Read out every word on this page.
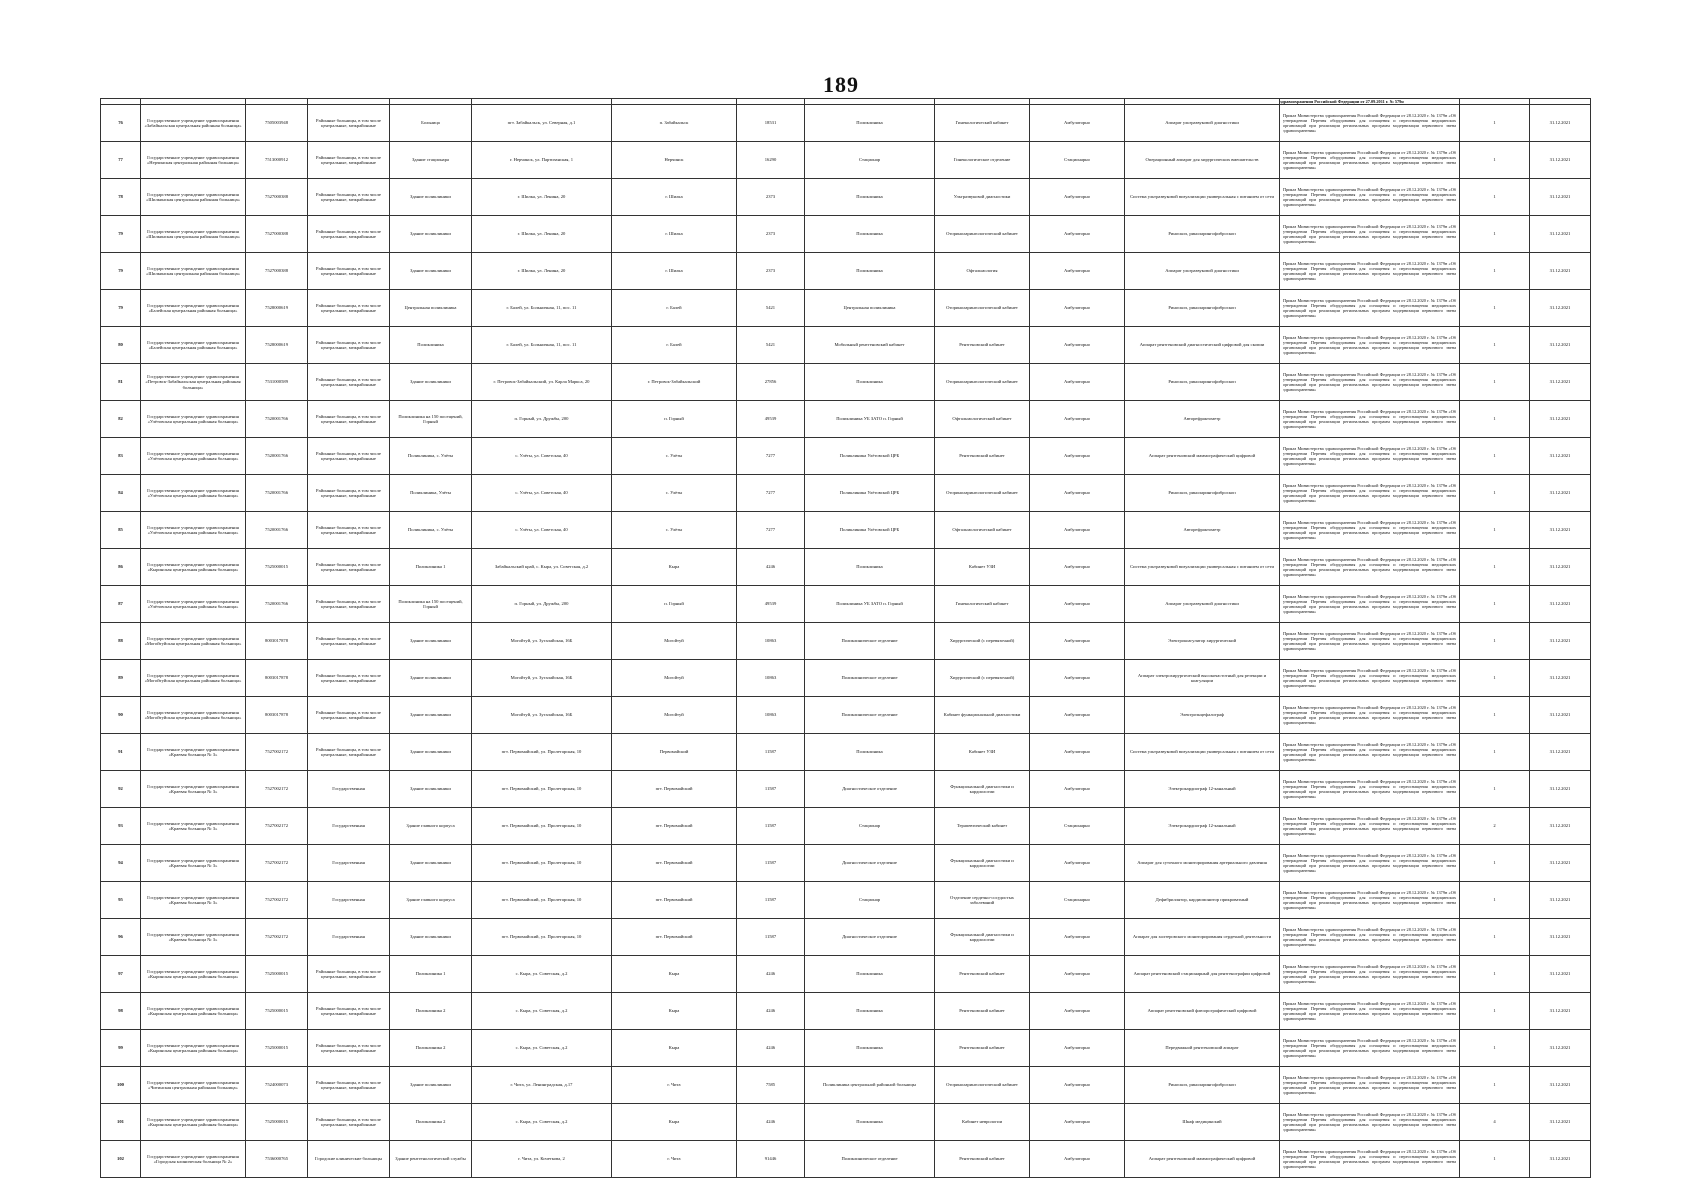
189
												здравоохранения Российской Федерации от 27.09.2011 г. № 579н		
76	Государственное учреждение здравоохранения «Забайкальская центральная районная больница»	7505003948	Районные больницы, в том числе центральные, межрайонные	Больница	пгт. Забайкальск, ул. Северная, д.1	п. Забайкальск	18531	Поликлиника	Гинекологический кабинет	Амбулаторно	Аппарат ультразвуковой диагностики	Приказ Министерства здравоохранения Российской Федерации от 28.12.2020 г. № 1379н «Об утверждении Перечня оборудования для оснащения и переоснащения медицинских организаций при реализации региональных программ модернизации первичного звена здравоохранения»	1	31.12.2021
77	Государственное учреждение здравоохранения «Нерчинская центральная районная больница»	7513000912	Районные больницы, в том числе центральные, межрайонные	Здание стационара	г. Нерчинск, ул. Партизанская, 1	Нерчинск	16290	Стационар	Гинекологическое отделение	Стационарно	Операционный аппарат для хирургических вмешательств	Приказ Министерства здравоохранения Российской Федерации от 28.12.2020 г. № 1379н «Об утверждении Перечня оборудования для оснащения и переоснащения медицинских организаций при реализации региональных программ модернизации первичного звена здравоохранения»	1	31.12.2021
78	Государственное учреждение здравоохранения «Шилкинская центральная районная больница»	7527000388	Районные больницы, в том числе центральные, межрайонные	Здание поликлиники	г. Шилка, ул. Ленина, 20	г. Шилка	2373	Поликлиника	Ультразвуковой диагностики	Амбулаторно	Система ультразвуковой визуализации универсальная с питанием от сети	Приказ Министерства здравоохранения Российской Федерации от 28.12.2020 г. № 1379н «Об утверждении Перечня оборудования для оснащения и переоснащения медицинских организаций при реализации региональных программ модернизации первичного звена здравоохранения»	1	31.12.2021
79	Государственное учреждение здравоохранения «Шилкинская центральная районная больница»	7527000388	Районные больницы, в том числе центральные, межрайонные	Здание поликлиники	г. Шилка, ул. Ленина, 20	г. Шилка	2373	Поликлиника	Оториноларингологический кабинет	Амбулаторно	Риноскоп, риноларингофиброскоп	Приказ Министерства здравоохранения Российской Федерации от 28.12.2020 г. № 1379н «Об утверждении Перечня оборудования для оснащения и переоснащения медицинских организаций при реализации региональных программ модернизации первичного звена здравоохранения»	1	31.12.2021
79	Государственное учреждение здравоохранения «Шилкинская центральная районная больница»	7527000388	Районные больницы, в том числе центральные, межрайонные	Здание поликлиники	г. Шилка, ул. Ленина, 20	г. Шилка	2373	Поликлиника	Офтальмология	Амбулаторно	Аппарат ультразвуковой диагностики	Приказ Министерства здравоохранения Российской Федерации от 28.12.2020 г. № 1379н «Об утверждении Перечня оборудования для оснащения и переоснащения медицинских организаций при реализации региональных программ модернизации первичного звена здравоохранения»	1	31.12.2021
79	Государственное учреждение здравоохранения «Балейская центральная районная больница»	7528000619	Районные больницы, в том числе центральные, межрайонные	Центральная поликлиника	г. Балей, ул. Больничная, 11, пос. 11	г. Балей	5421	Центральная поликлиника	Оториноларингологический кабинет	Амбулаторно	Риноскоп, риноларингофиброскоп	Приказ Министерства здравоохранения Российской Федерации от 28.12.2020 г. № 1379н «Об утверждении Перечня оборудования для оснащения и переоснащения медицинских организаций при реализации региональных программ модернизации первичного звена здравоохранения»	1	31.12.2021
80	Государственное учреждение здравоохранения «Балейская центральная районная больница»	7528000619	Районные больницы, в том числе центральные, межрайонные	Поликлиника	г. Балей, ул. Больничная, 11, пос. 11	г. Балей	5421	Мобильный рентгеновский кабинет	Рентгеновский кабинет	Амбулаторно	Аппарат рентгеновский диагностический цифровой для скопии	Приказ Министерства здравоохранения Российской Федерации от 28.12.2020 г. № 1379н «Об утверждении Перечня оборудования для оснащения и переоснащения медицинских организаций при реализации региональных программ модернизации первичного звена здравоохранения»	1	31.12.2021
81	Государственное учреждение здравоохранения «Петровск-Забайкальская центральная районная больница»	7531000589	Районные больницы, в том числе центральные, межрайонные	Здание поликлиники	г. Петровск-Забайкальский, ул. Карла Маркса, 20	г. Петровск-Забайкальский	27856	Поликлиника	Оториноларингологический кабинет	Амбулаторно	Риноскоп, риноларингофиброскоп	Приказ Министерства здравоохранения Российской Федерации от 28.12.2020 г. № 1379н «Об утверждении Перечня оборудования для оснащения и переоснащения медицинских организаций при реализации региональных программ модернизации первичного звена здравоохранения»	1	31.12.2021
82	Государственное учреждение здравоохранения «Улётовская центральная районная больница»	7520001766	Районные больницы, в том числе центральные, межрайонные	Поликлиника на 150 посещений, Горный	п. Горный, ул. Дружбы, 200	п. Горный	49539	Поликлиника УБ ЗАТО п. Горный	Офтальмологический кабинет	Амбулаторно	Авторефрактометр	Приказ Министерства здравоохранения Российской Федерации от 28.12.2020 г. № 1379н «Об утверждении Перечня оборудования для оснащения и переоснащения медицинских организаций при реализации региональных программ модернизации первичного звена здравоохранения»	1	31.12.2021
83	Государственное учреждение здравоохранения «Улётовская центральная районная больница»	7520001766	Районные больницы, в том числе центральные, межрайонные	Поликлиника, с. Улёты	с. Улёты, ул. Советская, 40	с. Улёты	7277	Поликлиника Улётовской ЦРБ	Рентгеновский кабинет	Амбулаторно	Аппарат рентгеновский маммографический цифровой	Приказ Министерства здравоохранения Российской Федерации от 28.12.2020 г. № 1379н «Об утверждении Перечня оборудования для оснащения и переоснащения медицинских организаций при реализации региональных программ модернизации первичного звена здравоохранения»	1	31.12.2021
84	Государственное учреждение здравоохранения «Улётовская центральная районная больница»	7520001766	Районные больницы, в том числе центральные, межрайонные	Поликлиника, Улёты	с. Улёты, ул. Советская, 40	с. Улёты	7277	Поликлиника Улётовской ЦРБ	Оториноларингологический кабинет	Амбулаторно	Риноскоп, риноларингофиброскоп	Приказ Министерства здравоохранения Российской Федерации от 28.12.2020 г. № 1379н «Об утверждении Перечня оборудования для оснащения и переоснащения медицинских организаций при реализации региональных программ модернизации первичного звена здравоохранения»	1	31.12.2021
85	Государственное учреждение здравоохранения «Улётовская центральная районная больница»	7520001766	Районные больницы, в том числе центральные, межрайонные	Поликлиника, с. Улёты	с. Улёты, ул. Советская, 40	с. Улёты	7277	Поликлиника Улётовской ЦРБ	Офтальмологический кабинет	Амбулаторно	Авторефрактометр	Приказ Министерства здравоохранения Российской Федерации от 28.12.2020 г. № 1379н «Об утверждении Перечня оборудования для оснащения и переоснащения медицинских организаций при реализации региональных программ модернизации первичного звена здравоохранения»	1	31.12.2021
86	Государственное учреждение здравоохранения «Кыринская центральная районная больница»	7525000015	Районные больницы, в том числе центральные, межрайонные	Поликлиника 1	Забайкальский край, с. Кыра, ул. Советская, д.2	Кыра	4246	Поликлиника	Кабинет УЗИ	Амбулаторно	Система ультразвуковой визуализации универсальная с питанием от сети	Приказ Министерства здравоохранения Российской Федерации от 28.12.2020 г. № 1379н «Об утверждении Перечня оборудования для оснащения и переоснащения медицинских организаций при реализации региональных программ модернизации первичного звена здравоохранения»	1	31.12.2021
87	Государственное учреждение здравоохранения «Улётовская центральная районная больница»	7520001766	Районные больницы, в том числе центральные, межрайонные	Поликлиника на 150 посещений, Горный	п. Горный, ул. Дружбы, 200	п. Горный	49539	Поликлиника УБ ЗАТО п. Горный	Гинекологический кабинет	Амбулаторно	Аппарат ультразвуковой диагностики	Приказ Министерства здравоохранения Российской Федерации от 28.12.2020 г. № 1379н «Об утверждении Перечня оборудования для оснащения и переоснащения медицинских организаций при реализации региональных программ модернизации первичного звена здравоохранения»	1	31.12.2021
88	Государственное учреждение здравоохранения «Могойтуйская центральная районная больница»	8003017878	Районные больницы, в том числе центральные, межрайонные	Здание поликлиники	Могойтуй, ул. Зугалайская, 16Б	Могойтуй	10863	Поликлиническое отделение	Хирургический (с перевязочной)	Амбулаторно	Электрокоагулятор хирургический	Приказ Министерства здравоохранения Российской Федерации от 28.12.2020 г. № 1379н «Об утверждении Перечня оборудования для оснащения и переоснащения медицинских организаций при реализации региональных программ модернизации первичного звена здравоохранения»	1	31.12.2021
89	Государственное учреждение здравоохранения «Могойтуйская центральная районная больница»	8003017878	Районные больницы, в том числе центральные, межрайонные	Здание поликлиники	Могойтуй, ул. Зугалайская, 16Б	Могойтуй	10863	Поликлиническое отделение	Хирургический (с перевязочной)	Амбулаторно	Аппарат электрохирургический высокочастотный для резекции и коагуляции	Приказ Министерства здравоохранения Российской Федерации от 28.12.2020 г. № 1379н «Об утверждении Перечня оборудования для оснащения и переоснащения медицинских организаций при реализации региональных программ модернизации первичного звена здравоохранения»	1	31.12.2021
90	Государственное учреждение здравоохранения «Могойтуйская центральная районная больница»	8003017878	Районные больницы, в том числе центральные, межрайонные	Здание поликлиники	Могойтуй, ул. Зугалайская, 16Б	Могойтуй	10863	Поликлиническое отделение	Кабинет функциональной диагностики	Амбулаторно	Электроэнцефалограф	Приказ Министерства здравоохранения Российской Федерации от 28.12.2020 г. № 1379н «Об утверждении Перечня оборудования для оснащения и переоснащения медицинских организаций при реализации региональных программ модернизации первичного звена здравоохранения»	1	31.12.2021
91	Государственное учреждение здравоохранения «Краевая больница № 3»	7527002172	Районные больницы, в том числе центральные, межрайонные	Здание поликлиники	пгт. Первомайский, ул. Пролетарская, 10	Первомайский	11587	Поликлиника	Кабинет УЗИ	Амбулаторно	Система ультразвуковой визуализации универсальная с питанием от сети	Приказ Министерства здравоохранения Российской Федерации от 28.12.2020 г. № 1379н «Об утверждении Перечня оборудования для оснащения и переоснащения медицинских организаций при реализации региональных программ модернизации первичного звена здравоохранения»	1	31.12.2021
92	Государственное учреждение здравоохранения «Краевая больница № 3»	7527002172	Государственная	Здание поликлиники	пгт. Первомайский, ул. Пролетарская, 10	пгт. Первомайский	11587	Диагностическое отделение	Функциональной диагностики и кардиологии	Амбулаторно	Электрокардиограф 12-канальный	Приказ Министерства здравоохранения Российской Федерации от 28.12.2020 г. № 1379н «Об утверждении Перечня оборудования для оснащения и переоснащения медицинских организаций при реализации региональных программ модернизации первичного звена здравоохранения»	1	31.12.2021
93	Государственное учреждение здравоохранения «Краевая больница № 3»	7527002172	Государственная	Здание главного корпуса	пгт. Первомайский, ул. Пролетарская, 10	пгт. Первомайский	11587	Стационар	Терапевтический кабинет	Стационарно	Электрокардиограф 12-канальный	Приказ Министерства здравоохранения Российской Федерации от 28.12.2020 г. № 1379н «Об утверждении Перечня оборудования для оснащения и переоснащения медицинских организаций при реализации региональных программ модернизации первичного звена здравоохранения»	2	31.12.2021
94	Государственное учреждение здравоохранения «Краевая больница № 3»	7527002172	Государственная	Здание поликлиники	пгт. Первомайский, ул. Пролетарская, 10	пгт. Первомайский	11587	Диагностическое отделение	Функциональной диагностики и кардиологии	Амбулаторно	Аппарат для суточного мониторирования артериального давления	Приказ Министерства здравоохранения Российской Федерации от 28.12.2020 г. № 1379н «Об утверждении Перечня оборудования для оснащения и переоснащения медицинских организаций при реализации региональных программ модернизации первичного звена здравоохранения»	1	31.12.2021
95	Государственное учреждение здравоохранения «Краевая больница № 3»	7527002172	Государственная	Здание главного корпуса	пгт. Первомайский, ул. Пролетарская, 10	пгт. Первомайский	11587	Стационар	Отделение сердечно-сосудистых заболеваний	Стационарно	Дефибриллятор, кардиомонитор прикроватный	Приказ Министерства здравоохранения Российской Федерации от 28.12.2020 г. № 1379н «Об утверждении Перечня оборудования для оснащения и переоснащения медицинских организаций при реализации региональных программ модернизации первичного звена здравоохранения»	1	31.12.2021
96	Государственное учреждение здравоохранения «Краевая больница № 3»	7527002172	Государственная	Здание поликлиники	пгт. Первомайский, ул. Пролетарская, 10	пгт. Первомайский	11587	Диагностическое отделение	Функциональной диагностики и кардиологии	Амбулаторно	Аппарат для холтеровского мониторирования сердечной деятельности	Приказ Министерства здравоохранения Российской Федерации от 28.12.2020 г. № 1379н «Об утверждении Перечня оборудования для оснащения и переоснащения медицинских организаций при реализации региональных программ модернизации первичного звена здравоохранения»	1	31.12.2021
97	Государственное учреждение здравоохранения «Кыринская центральная районная больница»	7525000015	Районные больницы, в том числе центральные, межрайонные	Поликлиника 1	с. Кыра, ул. Советская, д.2	Кыра	4246	Поликлиника	Рентгеновский кабинет	Амбулаторно	Аппарат рентгеновский стационарный для рентгенографии цифровой	Приказ Министерства здравоохранения Российской Федерации от 28.12.2020 г. № 1379н «Об утверждении Перечня оборудования для оснащения и переоснащения медицинских организаций при реализации региональных программ модернизации первичного звена здравоохранения»	1	31.12.2021
98	Государственное учреждение здравоохранения «Кыринская центральная районная больница»	7525000015	Районные больницы, в том числе центральные, межрайонные	Поликлиника 2	с. Кыра, ул. Советская, д.2	Кыра	4246	Поликлиника	Рентгеновский кабинет	Амбулаторно	Аппарат рентгеновский флюорографический цифровой	Приказ Министерства здравоохранения Российской Федерации от 28.12.2020 г. № 1379н «Об утверждении Перечня оборудования для оснащения и переоснащения медицинских организаций при реализации региональных программ модернизации первичного звена здравоохранения»	1	31.12.2021
99	Государственное учреждение здравоохранения «Кыринская центральная районная больница»	7525000015	Районные больницы, в том числе центральные, межрайонные	Поликлиника 2	с. Кыра, ул. Советская, д.2	Кыра	4246	Поликлиника	Рентгеновский кабинет	Амбулаторно	Передвижной рентгеновский аппарат	Приказ Министерства здравоохранения Российской Федерации от 28.12.2020 г. № 1379н «Об утверждении Перечня оборудования для оснащения и переоснащения медицинских организаций при реализации региональных программ модернизации первичного звена здравоохранения»	1	31.12.2021
100	Государственное учреждение здравоохранения «Читинская центральная районная больница»	7524000073	Районные больницы, в том числе центральные, межрайонные	Здание поликлиники	г. Чита, ул. Ленинградская, д.17	г. Чита	7585	Поликлиника центральной районной больницы	Оториноларингологический кабинет	Амбулаторно	Риноскоп, риноларингофиброскоп	Приказ Министерства здравоохранения Российской Федерации от 28.12.2020 г. № 1379н «Об утверждении Перечня оборудования для оснащения и переоснащения медицинских организаций при реализации региональных программ модернизации первичного звена здравоохранения»	1	31.12.2021
101	Государственное учреждение здравоохранения «Кыринская центральная районная больница»	7525000015	Районные больницы, в том числе центральные, межрайонные	Поликлиника 2	с. Кыра, ул. Советская, д.2	Кыра	4246	Поликлиника	Кабинет неврологии	Амбулаторно	Шкаф медицинский	Приказ Министерства здравоохранения Российской Федерации от 28.12.2020 г. № 1379н «Об утверждении Перечня оборудования для оснащения и переоснащения медицинских организаций при реализации региональных программ модернизации первичного звена здравоохранения»	4	31.12.2021
102	Государственное учреждение здравоохранения «Городская клиническая больница № 2»	7536000765	Городские клинические больницы	Здание рентгенологической службы	г. Чита, ул. Кочеткова, 2	г. Чита	91446	Поликлиническое отделение	Рентгеновский кабинет	Амбулаторно	Аппарат рентгеновский маммографический цифровой	Приказ Министерства здравоохранения Российской Федерации от 28.12.2020 г. № 1379н «Об утверждении Перечня оборудования для оснащения и переоснащения медицинских организаций при реализации региональных программ модернизации первичного звена здравоохранения»	1	31.12.2021
